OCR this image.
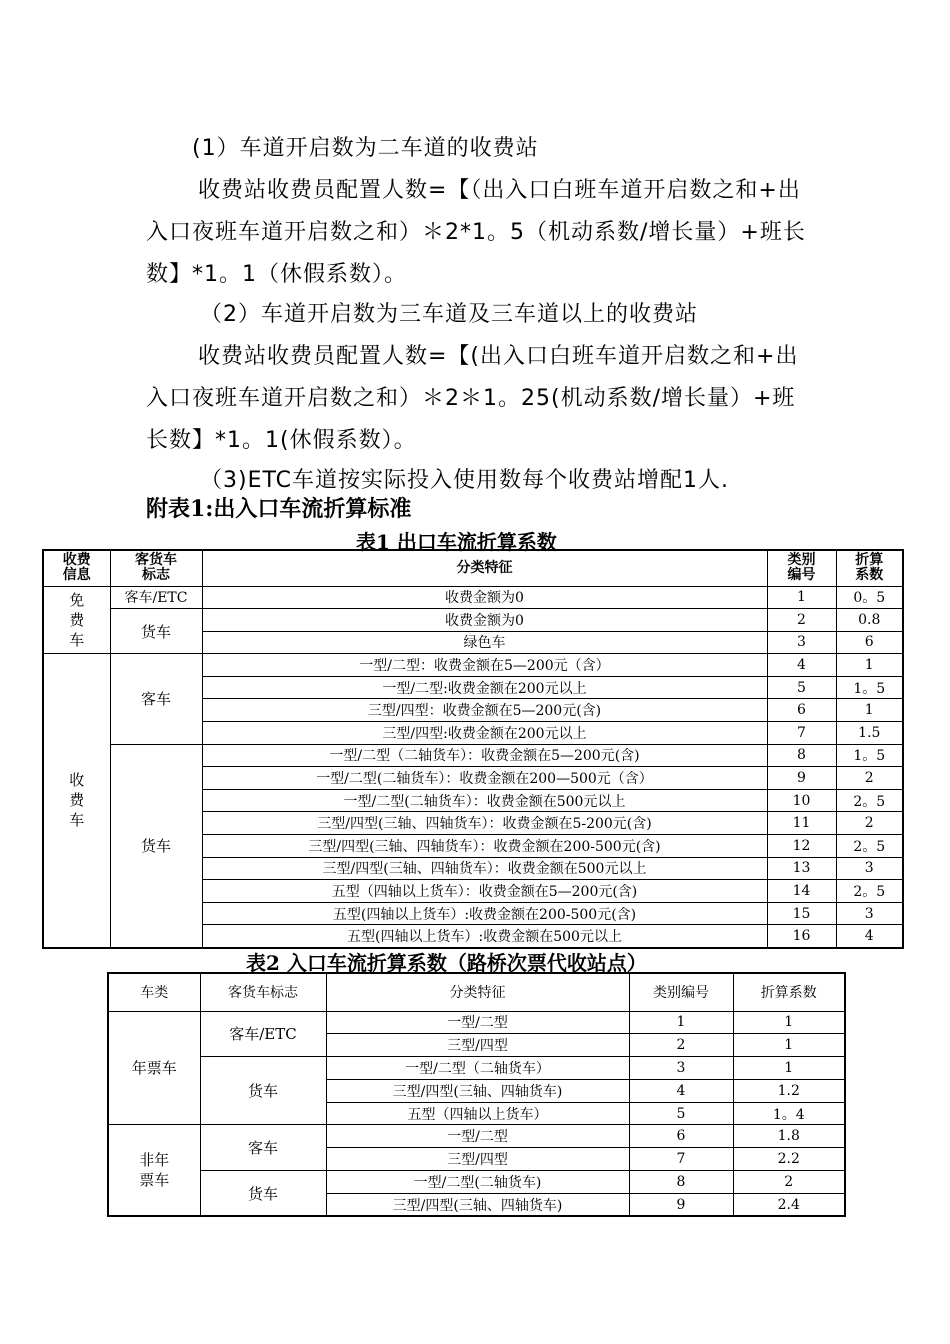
(1）车道开启数为二车道的收费站
收费站收费员配置人数=【（出入口白班车道开启数之和+出入口夜班车道开启数之和）＊2*1。5（机动系数/增长量）+班长数】*1。1（休假系数）。
（2）车道开启数为三车道及三车道以上的收费站
收费站收费员配置人数=【(出入口白班车道开启数之和+出入口夜班车道开启数之和）＊2＊1。25(机动系数/增长量）+班长数】*1。1(休假系数）。
（3)ETC车道按实际投入使用数每个收费站增配1人.
附表1:出入口车流折算标准
表1 出口车流折算系数
收费信息	客货车标志	分类特征	类别编号	折算系数

免费车	客车/ETC	收费金额为0	1	0。5
	货车	收费金额为0	2	0.8
		绿色车	3	6

收费车	客车	一型/二型：收费金额在5—200元（含）	4	1
		一型/二型:收费金额在200元以上	5	1。5
		三型/四型：收费金额在5—200元(含)	6	1
		三型/四型:收费金额在200元以上	7	1.5
	货车	一型/二型（二轴货车）：收费金额在5—200元(含)	8	1。5
		一型/二型(二轴货车）：收费金额在200—500元（含）	9	2
		一型/二型(二轴货车）：收费金额在500元以上	10	2。5
		三型/四型(三轴、四轴货车）：收费金额在5-200元(含)	11	2
		三型/四型(三轴、四轴货车）：收费金额在200-500元(含)	12	2。5
		三型/四型(三轴、四轴货车）：收费金额在500元以上	13	3
		五型（四轴以上货车）：收费金额在5—200元(含)	14	2。5
		五型(四轴以上货车）:收费金额在200-500元(含)	15	3
		五型(四轴以上货车）:收费金额在500元以上	16	4
表2 入口车流折算系数（路桥次票代收站点）
车类	客货车标志	分类特征	类别编号	折算系数
年票车	客车/ETC	一型/二型	1	1
		三型/四型	2	1
	货车	一型/二型（二轴货车）	3	1
		三型/四型(三轴、四轴货车)	4	1.2
		五型（四轴以上货车）	5	1。4

非年票车	客车	一型/二型	6	1.8
		三型/四型	7	2.2
	货车	一型/二型(二轴货车)	8	2
		三型/四型(三轴、四轴货车)	9	2.4
